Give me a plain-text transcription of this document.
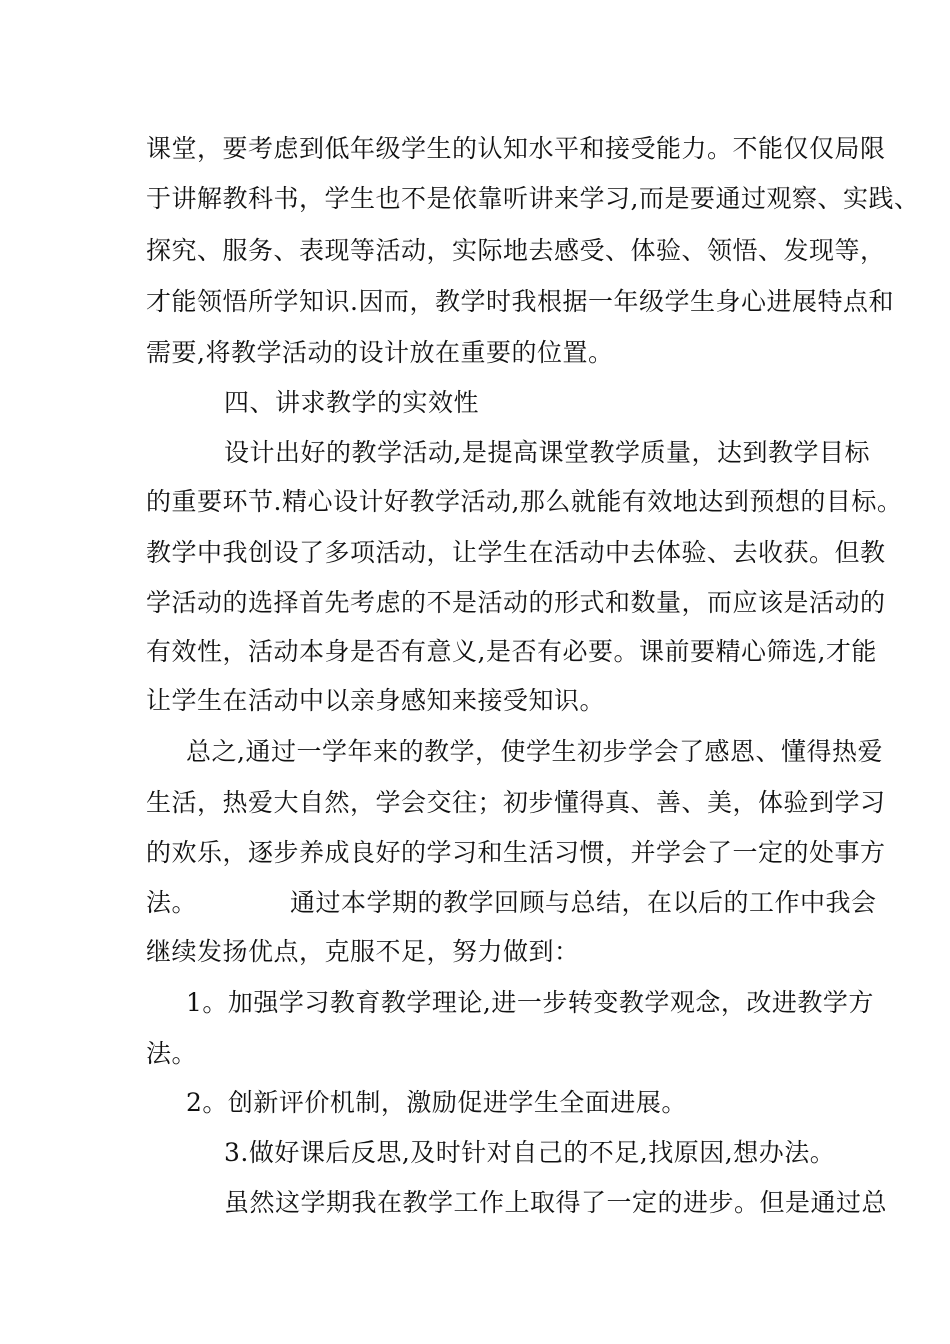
课堂，要考虑到低年级学生的认知水平和接受能力。不能仅仅局限
于讲解教科书，学生也不是依靠听讲来学习,而是要通过观察、实践、
探究、服务、表现等活动，实际地去感受、体验、领悟、发现等，
才能领悟所学知识.因而，教学时我根据一年级学生身心进展特点和
需要,将教学活动的设计放在重要的位置。
四、讲求教学的实效性
设计出好的教学活动,是提高课堂教学质量，达到教学目标
的重要环节.精心设计好教学活动,那么就能有效地达到预想的目标。
教学中我创设了多项活动，让学生在活动中去体验、去收获。但教
学活动的选择首先考虑的不是活动的形式和数量，而应该是活动的
有效性，活动本身是否有意义,是否有必要。课前要精心筛选,才能
让学生在活动中以亲身感知来接受知识。
总之,通过一学年来的教学，使学生初步学会了感恩、懂得热爱
生活，热爱大自然，学会交往；初步懂得真、善、美，体验到学习
的欢乐，逐步养成良好的学习和生活习惯，并学会了一定的处事方
法。	通过本学期的教学回顾与总结，在以后的工作中我会
继续发扬优点，克服不足，努力做到：
1。加强学习教育教学理论,进一步转变教学观念，改进教学方
法。
2。创新评价机制，激励促进学生全面进展。
3.做好课后反思,及时针对自己的不足,找原因,想办法。
虽然这学期我在教学工作上取得了一定的进步。但是通过总
